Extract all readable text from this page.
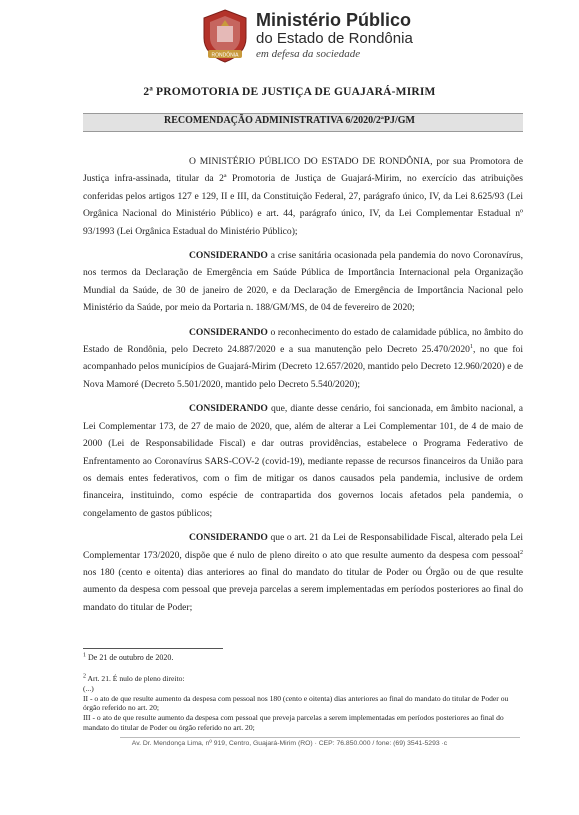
RONDÔNIA
Ministério Público
do Estado de Rondônia
em defesa da sociedade
2ª PROMOTORIA DE JUSTIÇA DE GUAJARÁ-MIRIM
RECOMENDAÇÃO ADMINISTRATIVA 6/2020/2ªPJ/GM

O MINISTÉRIO PÚBLICO DO ESTADO DE RONDÔNIA, por sua Promotora de Justiça infra-assinada, titular da 2ª Promotoria de Justiça de Guajará-Mirim, no exercício das atribuições conferidas pelos artigos 127 e 129, II e III, da Constituição Federal, 27, parágrafo único, IV, da Lei 8.625/93 (Lei Orgânica Nacional do Ministério Público) e art. 44, parágrafo único, IV, da Lei Complementar Estadual nº 93/1993 (Lei Orgânica Estadual do Ministério Público);

CONSIDERANDO a crise sanitária ocasionada pela pandemia do novo Coronavírus, nos termos da Declaração de Emergência em Saúde Pública de Importância Internacional pela Organização Mundial da Saúde, de 30 de janeiro de 2020, e da Declaração de Emergência de Importância Nacional pelo Ministério da Saúde, por meio da Portaria n. 188/GM/MS, de 04 de fevereiro de 2020;

CONSIDERANDO o reconhecimento do estado de calamidade pública, no âmbito do Estado de Rondônia, pelo Decreto 24.887/2020 e a sua manutenção pelo Decreto 25.470/2020$^1$, no que foi acompanhado pelos municípios de Guajará-Mirim (Decreto 12.657/2020, mantido pelo Decreto 12.960/2020) e de Nova Mamoré (Decreto 5.501/2020, mantido pelo Decreto 5.540/2020);

CONSIDERANDO que, diante desse cenário, foi sancionada, em âmbito nacional, a Lei Complementar 173, de 27 de maio de 2020, que, além de alterar a Lei Complementar 101, de 4 de maio de 2000 (Lei de Responsabilidade Fiscal) e dar outras providências, estabelece o Programa Federativo de Enfrentamento ao Coronavírus SARS-COV-2 (covid-19), mediante repasse de recursos financeiros da União para os demais entes federativos, com o fim de mitigar os danos causados pela pandemia, inclusive de ordem financeira, instituindo, como espécie de contrapartida dos governos locais afetados pela pandemia, o congelamento de gastos públicos;

CONSIDERANDO que o art. 21 da Lei de Responsabilidade Fiscal, alterado pela Lei Complementar 173/2020, dispõe que é nulo de pleno direito o ato que resulte aumento da despesa com pessoal$^2$ nos 180 (cento e oitenta) dias anteriores ao final do mandato do titular de Poder ou Órgão ou de que resulte aumento da despesa com pessoal que preveja parcelas a serem implementadas em períodos posteriores ao final do mandato do titular de Poder;

$^1$ De 21 de outubro de 2020.
$^2$ Art. 21. É nulo de pleno direito:
(...)
II - o ato de que resulte aumento da despesa com pessoal nos 180 (cento e oitenta) dias anteriores ao final do mandato do titular de Poder ou órgão referido no art. 20;
III - o ato de que resulte aumento da despesa com pessoal que preveja parcelas a serem implementadas em períodos posteriores ao final do mandato do titular de Poder ou órgão referido no art. 20;
Av. Dr. Mendonça Lima, nº 919, Centro, Guajará-Mirim (RO) · CEP: 76.850.000 / fone: (69) 3541-5293 ·c
